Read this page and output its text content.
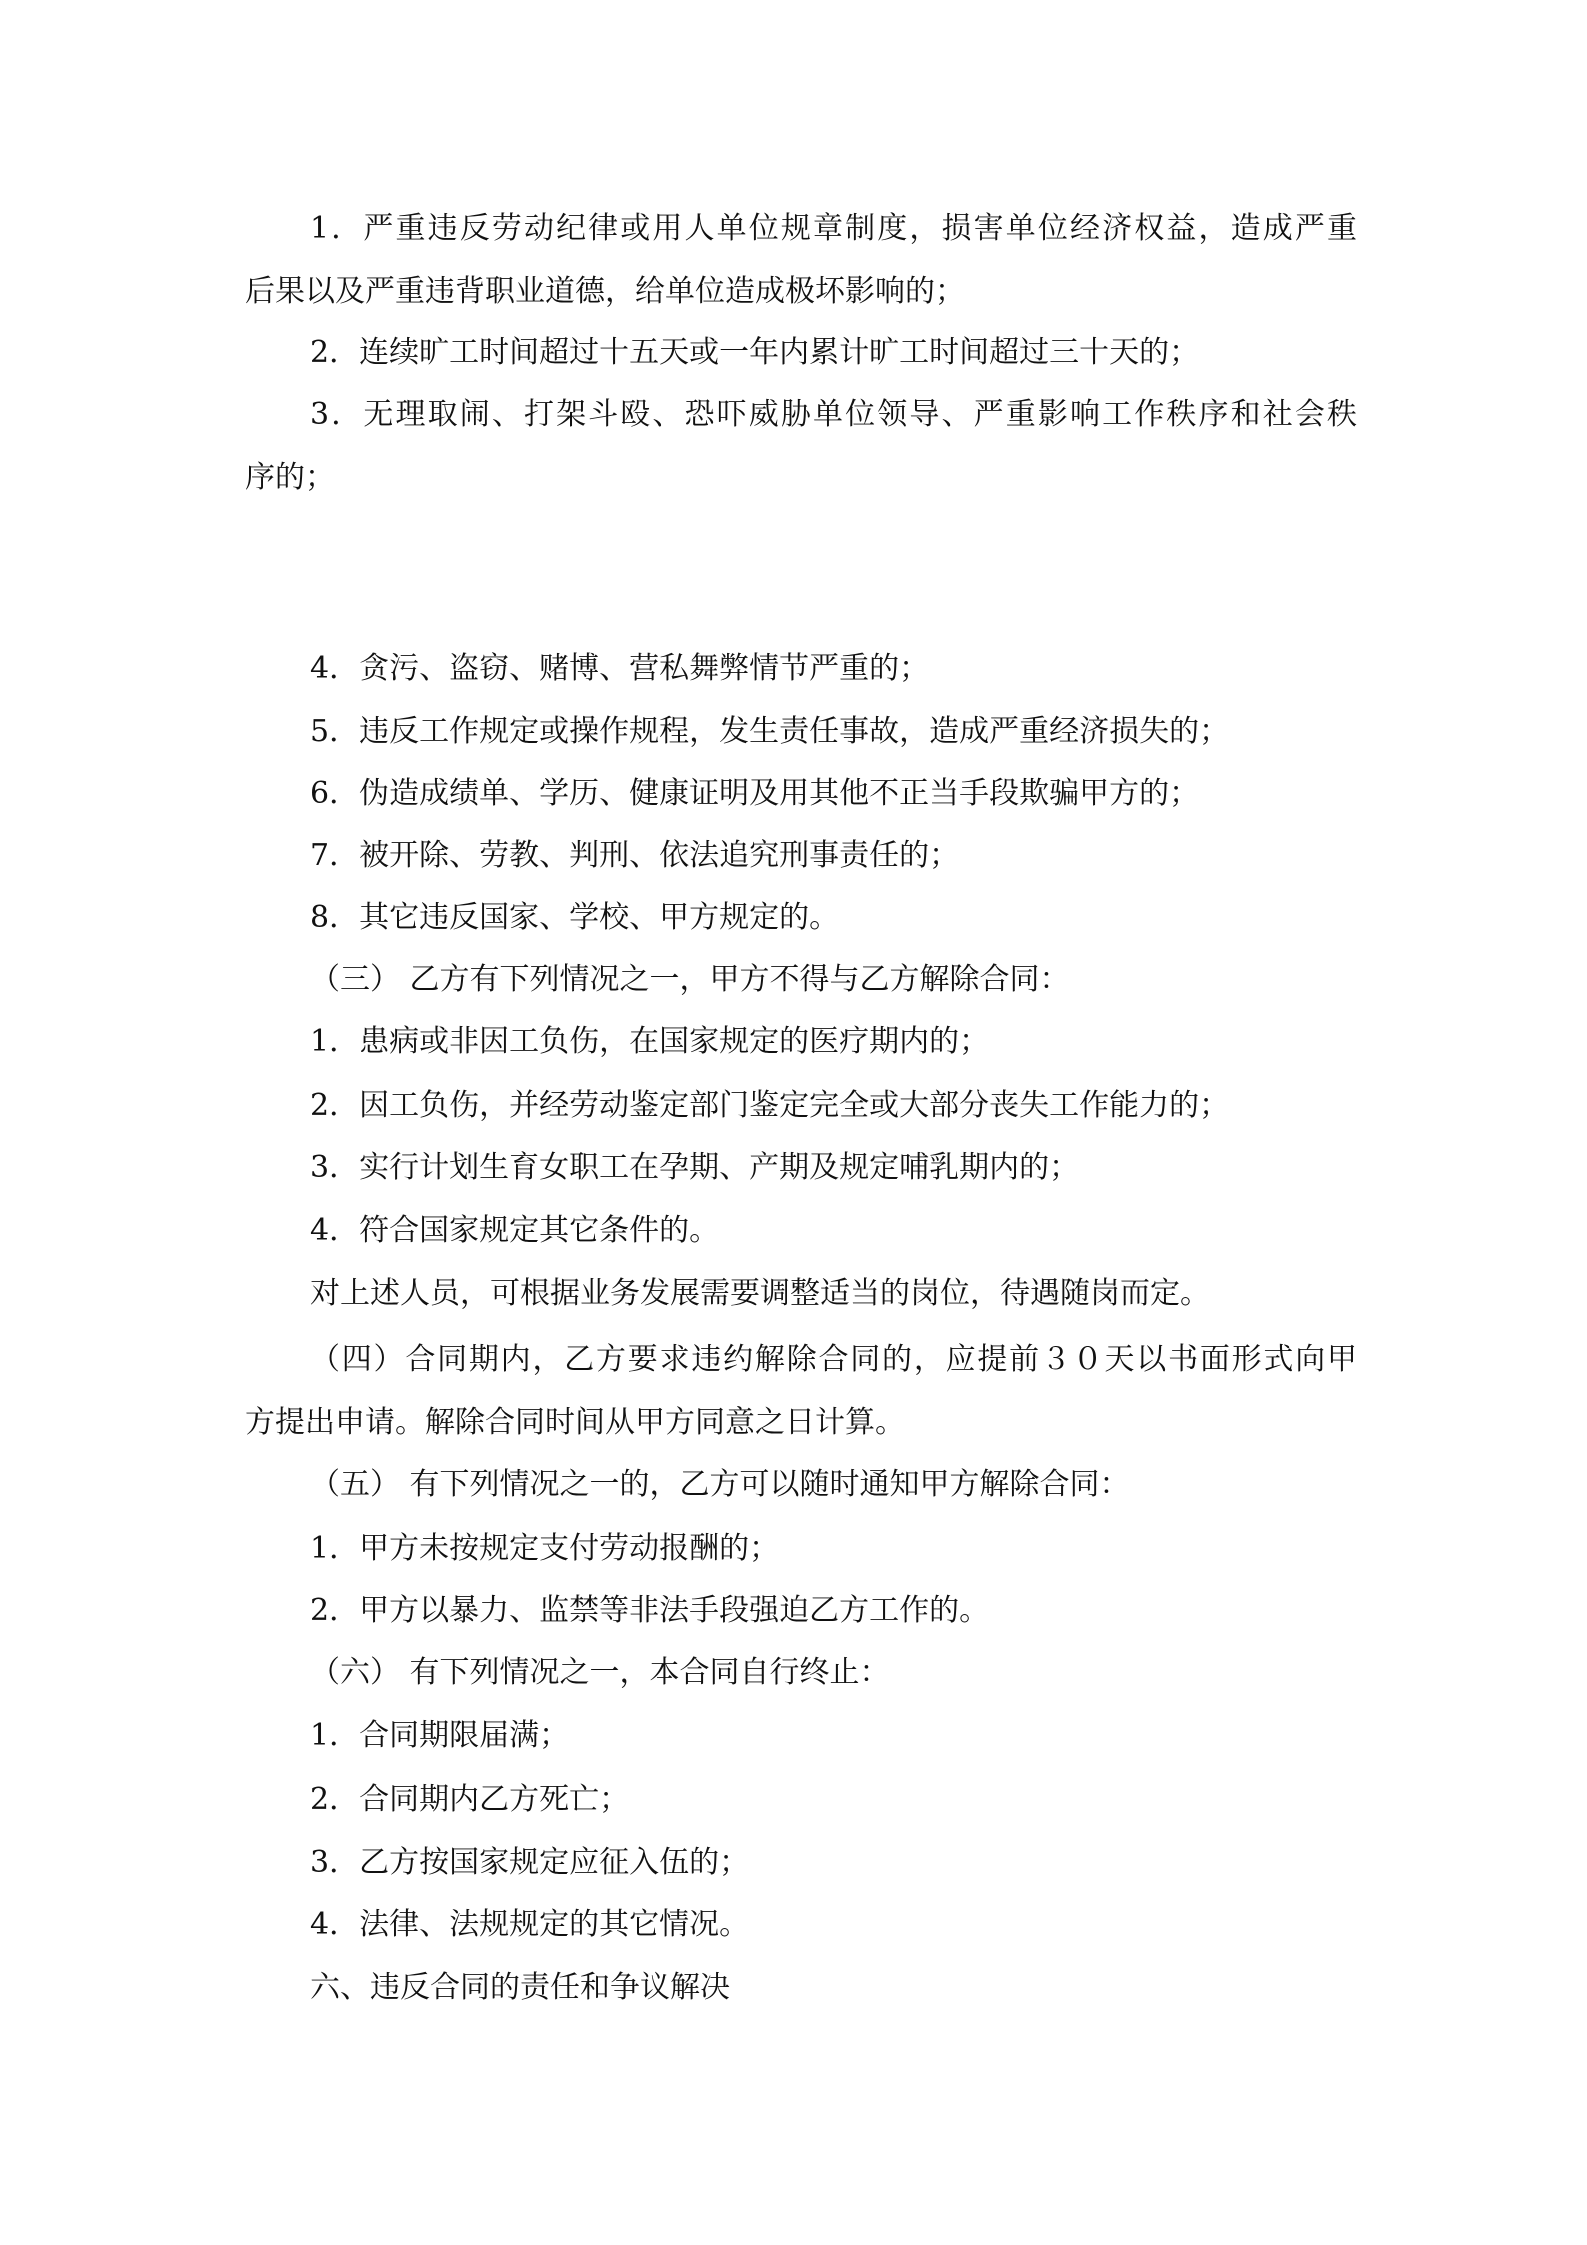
1．严重违反劳动纪律或用人单位规章制度，损害单位经济权益，造成严重
后果以及严重违背职业道德，给单位造成极坏影响的；
2．连续旷工时间超过十五天或一年内累计旷工时间超过三十天的；
3．无理取闹、打架斗殴、恐吓威胁单位领导、严重影响工作秩序和社会秩
序的；
4．贪污、盗窃、赌博、营私舞弊情节严重的；
5．违反工作规定或操作规程，发生责任事故，造成严重经济损失的；
6．伪造成绩单、学历、健康证明及用其他不正当手段欺骗甲方的；
7．被开除、劳教、判刑、依法追究刑事责任的；
8．其它违反国家、学校、甲方规定的。
（三） 乙方有下列情况之一，甲方不得与乙方解除合同：
1．患病或非因工负伤，在国家规定的医疗期内的；
2．因工负伤，并经劳动鉴定部门鉴定完全或大部分丧失工作能力的；
3．实行计划生育女职工在孕期、产期及规定哺乳期内的；
4．符合国家规定其它条件的。
对上述人员，可根据业务发展需要调整适当的岗位，待遇随岗而定。
（四）合同期内，乙方要求违约解除合同的，应提前３０天以书面形式向甲
方提出申请。解除合同时间从甲方同意之日计算。
（五） 有下列情况之一的，乙方可以随时通知甲方解除合同：
1．甲方未按规定支付劳动报酬的；
2．甲方以暴力、监禁等非法手段强迫乙方工作的。
（六） 有下列情况之一，本合同自行终止：
1．合同期限届满；
2．合同期内乙方死亡；
3．乙方按国家规定应征入伍的；
4．法律、法规规定的其它情况。
六、违反合同的责任和争议解决
